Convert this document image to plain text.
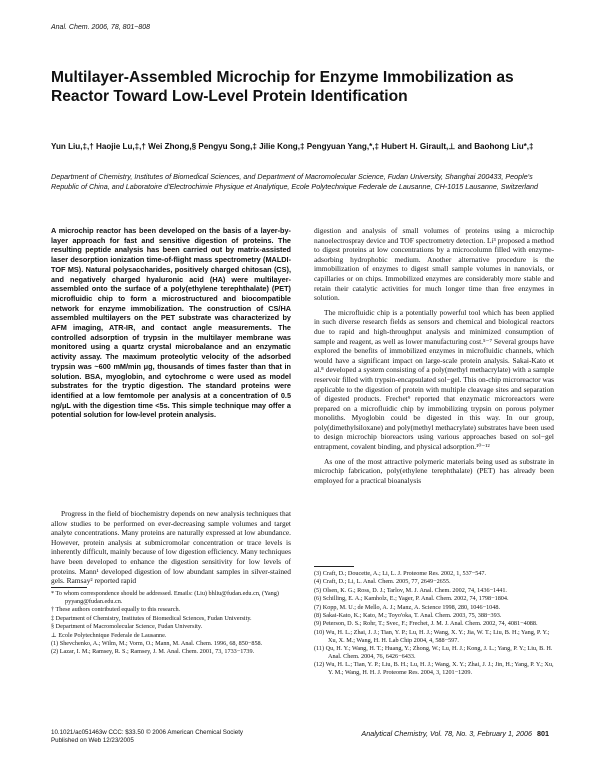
Anal. Chem. 2006, 78, 801−808
Multilayer-Assembled Microchip for Enzyme Immobilization as Reactor Toward Low-Level Protein Identification
Yun Liu,‡,† Haojie Lu,‡,† Wei Zhong,§ Pengyu Song,‡ Jilie Kong,‡ Pengyuan Yang,*,‡ Hubert H. Girault,⊥ and Baohong Liu*,‡
Department of Chemistry, Institutes of Biomedical Sciences, and Department of Macromolecular Science, Fudan University, Shanghai 200433, People's Republic of China, and Laboratoire d'Electrochimie Physique et Analytique, Ecole Polytechnique Federale de Lausanne, CH-1015 Lausanne, Switzerland
A microchip reactor has been developed on the basis of a layer-by-layer approach for fast and sensitive digestion of proteins. The resulting peptide analysis has been carried out by matrix-assisted laser desorption ionization time-of-flight mass spectrometry (MALDI-TOF MS). Natural polysaccharides, positively charged chitosan (CS), and negatively charged hyaluronic acid (HA) were multilayer-assembled onto the surface of a poly(ethylene terephthalate) (PET) microfluidic chip to form a microstructured and biocompatible network for enzyme immobilization. The construction of CS/HA assembled multilayers on the PET substrate was characterized by AFM imaging, ATR-IR, and contact angle measurements. The controlled adsorption of trypsin in the multilayer membrane was monitored using a quartz crystal microbalance and an enzymatic activity assay. The maximum proteolytic velocity of the adsorbed trypsin was ~600 mM/min μg, thousands of times faster than that in solution. BSA, myoglobin, and cytochrome c were used as model substrates for the tryptic digestion. The standard proteins were identified at a low femtomole per analysis at a concentration of 0.5 ng/μL with the digestion time <5s. This simple technique may offer a potential solution for low-level protein analysis.

Progress in the field of biochemistry depends on new analysis techniques that allow studies to be performed on ever-decreasing sample volumes and target analyte concentrations. Many proteins are naturally expressed at low abundance. However, protein analysis at submicromolar concentration or trace levels is inherently difficult, mainly because of low digestion efficiency. Many techniques have been developed to enhance the digestion sensitivity for low levels of proteins. Mann¹ developed digestion of low abundant samples in silver-stained gels. Ramsay² reported rapid

* To whom correspondence should be addressed. Emails: (Liu) bhliu@fudan.edu.cn, (Yang) pyyang@fudan.edu.cn.
† These authors contributed equally to this research.
‡ Department of Chemistry, Institutes of Biomedical Sciences, Fudan University.
§ Department of Macromolecular Science, Fudan University.
⊥ Ecole Polytechnique Federale de Lausanne.
(1) Shevchenko, A.; Wilm, M.; Vorm, O.; Mann, M. Anal. Chem. 1996, 68, 850−858.
(2) Lazar, I. M.; Ramsey, R. S.; Ramsey, J. M. Anal. Chem. 2001, 73, 1733−1739.

digestion and analysis of small volumes of proteins using a microchip nanoelectrospray device and TOF spectrometry detection. Li³ proposed a method to digest proteins at low concentrations by a microcolumn filled with enzyme-adsorbing hydrophobic medium. Another alternative procedure is the immobilization of enzymes to digest small sample volumes in nanovials, or capillaries or on chips. Immobilized enzymes are considerably more stable and retain their catalytic activities for much longer time than free enzymes in solution.

The microfluidic chip is a potentially powerful tool which has been applied in such diverse research fields as sensors and chemical and biological reactors due to rapid and high-throughput analysis and minimized consumption of sample and reagent, as well as lower manufacturing cost.⁵⁻⁷ Several groups have explored the benefits of immobilized enzymes in microfluidic channels, which would have a significant impact on large-scale protein analysis. Sakai-Kato et al.⁸ developed a system consisting of a poly(methyl methacrylate) with a sample reservoir filled with trypsin-encapsulated sol−gel. This on-chip microreactor was applicable to the digestion of protein with multiple cleavage sites and separation of digested products. Frechet⁹ reported that enzymatic microreactors were prepared on a microfluidic chip by immobilizing trypsin on porous polymer monoliths. Myoglobin could be digested in this way. In our group, poly(dimethylsiloxane) and poly(methyl methacrylate) substrates have been used to design microchip bioreactors using various approaches based on sol−gel entrapment, covalent binding, and physical adsorption.¹⁰⁻¹²

As one of the most attractive polymeric materials being used as substrate in microchip fabrication, poly(ethylene terephthalate) (PET) has already been employed for a practical bioanalysis

(3) Craft, D.; Doucette, A.; Li, L. J. Proteome Res. 2002, 1, 537−547.
(4) Craft, D.; Li, L. Anal. Chem. 2005, 77, 2649−2655.
(5) Olsen, K. G.; Ross, D. J.; Tarlov, M. J. Anal. Chem. 2002, 74, 1436−1441.
(6) Schilling, E. A.; Kamholz, E.; Yager, P. Anal. Chem. 2002, 74, 1798−1804.
(7) Kopp, M. U.; de Mello, A. J.; Manz, A. Science 1998, 280, 1046−1048.
(8) Sakai-Kato, K.; Kato, M.; Toyo'oka, T. Anal. Chem. 2003, 75, 388−393.
(9) Peterson, D. S.; Rohr, T.; Svec, F.; Frechet, J. M. J. Anal. Chem. 2002, 74, 4081−4088.
(10) Wu, H. L.; Zhai, J. J.; Tian, Y. P.; Lu, H. J.; Wang, X. Y.; Jia, W. T.; Liu, B. H.; Yang, P. Y.; Xu, X. M.; Wang, H. H. Lab Chip 2004, 4, 588−597.
(11) Qu, H. Y.; Wang, H. T.; Huang, Y.; Zhong, W.; Lu, H. J.; Kong, J. L.; Yang, P. Y.; Liu, B. H. Anal. Chem. 2004, 76, 6426−6433.
(12) Wu, H. L.; Tian, Y. P.; Liu, B. H.; Lu, H. J.; Wang, X. Y.; Zhai, J. J.; Jin, H.; Yang, P. Y.; Xu, Y. M.; Wang, H. H. J. Proteome Res. 2004, 3, 1201−1209.
10.1021/ac051463w CCC: $33.50 © 2006 American Chemical Society
Published on Web 12/23/2005
Analytical Chemistry, Vol. 78, No. 3, February 1, 2006 801
